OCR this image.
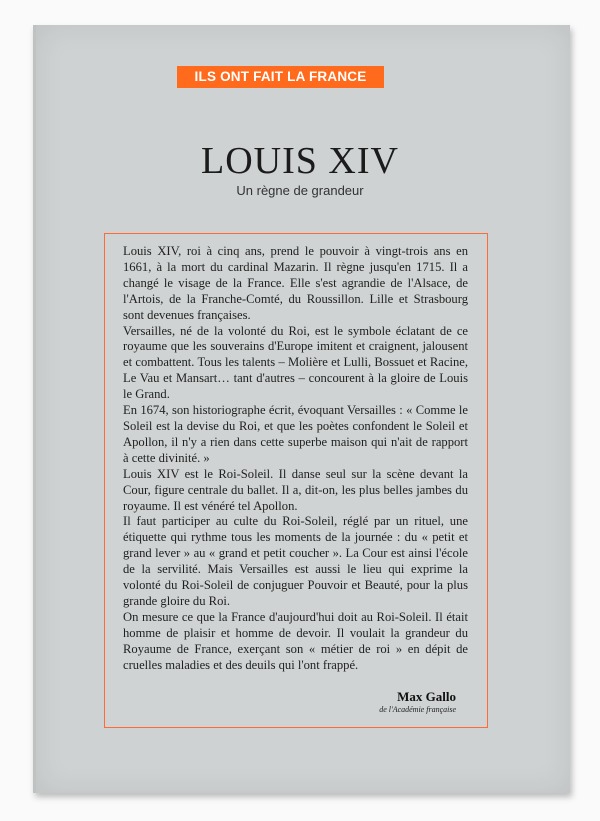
ILS ONT FAIT LA FRANCE
LOUIS XIV
Un règne de grandeur

Louis XIV, roi à cinq ans, prend le pouvoir à vingt-trois ans en 1661, à la mort du cardinal Mazarin. Il règne jusqu'en 1715. Il a changé le visage de la France. Elle s'est agrandie de l'Alsace, de l'Artois, de la Franche-Comté, du Roussillon. Lille et Strasbourg sont devenues françaises.

Versailles, né de la volonté du Roi, est le symbole éclatant de ce royaume que les souverains d'Europe imitent et craignent, jalousent et combattent. Tous les talents – Molière et Lulli, Bossuet et Racine, Le Vau et Mansart… tant d'autres – concourent à la gloire de Louis le Grand.

En 1674, son historiographe écrit, évoquant Versailles : « Comme le Soleil est la devise du Roi, et que les poètes confondent le Soleil et Apollon, il n'y a rien dans cette superbe maison qui n'ait de rapport à cette divinité. »

Louis XIV est le Roi-Soleil. Il danse seul sur la scène devant la Cour, figure centrale du ballet. Il a, dit-on, les plus belles jambes du royaume. Il est vénéré tel Apollon.

Il faut participer au culte du Roi-Soleil, réglé par un rituel, une étiquette qui rythme tous les moments de la journée : du « petit et grand lever » au « grand et petit coucher ». La Cour est ainsi l'école de la servilité. Mais Versailles est aussi le lieu qui exprime la volonté du Roi-Soleil de conjuguer Pouvoir et Beauté, pour la plus grande gloire du Roi.

On mesure ce que la France d'aujourd'hui doit au Roi-Soleil. Il était homme de plaisir et homme de devoir. Il voulait la grandeur du Royaume de France, exerçant son « métier de roi » en dépit de cruelles maladies et des deuils qui l'ont frappé.

Max Gallo
de l'Académie française
